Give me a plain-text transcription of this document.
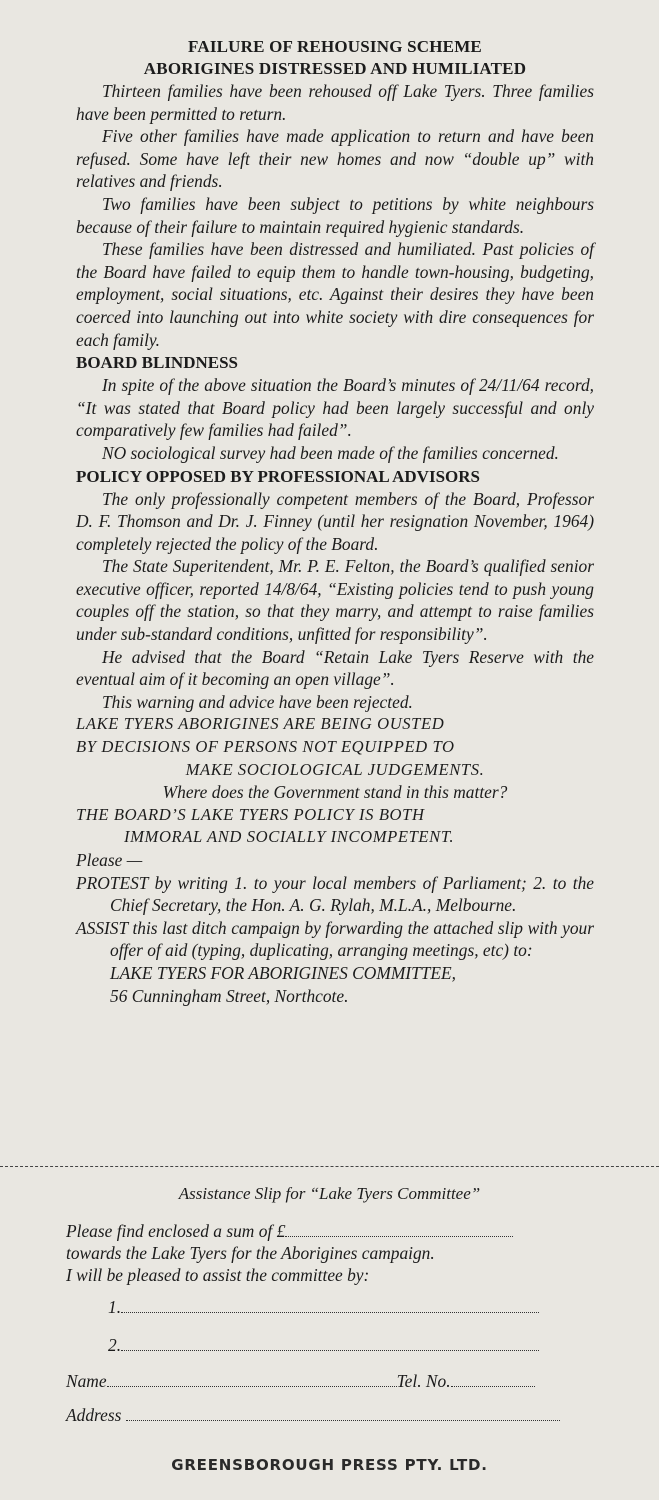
FAILURE OF REHOUSING SCHEME
ABORIGINES DISTRESSED AND HUMILIATED

Thirteen families have been rehoused off Lake Tyers. Three families have been permitted to return.

Five other families have made application to return and have been refused. Some have left their new homes and now “double up” with relatives and friends.

Two families have been subject to petitions by white neighbours because of their failure to maintain required hygienic standards.

These families have been distressed and humiliated. Past policies of the Board have failed to equip them to handle town-housing, budgeting, employment, social situations, etc. Against their desires they have been coerced into launching out into white society with dire consequences for each family.

BOARD BLINDNESS

In spite of the above situation the Board’s minutes of 24/11/64 record, “It was stated that Board policy had been largely successful and only comparatively few families had failed”.

NO sociological survey had been made of the families concerned.

POLICY OPPOSED BY PROFESSIONAL ADVISORS

The only professionally competent members of the Board, Professor D. F. Thomson and Dr. J. Finney (until her resignation November, 1964) completely rejected the policy of the Board.

The State Superitendent, Mr. P. E. Felton, the Board’s qualified senior executive officer, reported 14/8/64, “Existing policies tend to push young couples off the station, so that they marry, and attempt to raise families under sub-standard conditions, unfitted for responsibility”.

He advised that the Board “Retain Lake Tyers Reserve with the eventual aim of it becoming an open village”.

This warning and advice have been rejected.

LAKE TYERS ABORIGINES ARE BEING OUSTED

BY DECISIONS OF PERSONS NOT EQUIPPED TO

MAKE SOCIOLOGICAL JUDGEMENTS.

Where does the Government stand in this matter?

THE BOARD’S LAKE TYERS POLICY IS BOTH

IMMORAL AND SOCIALLY INCOMPETENT.

Please —

PROTEST by writing 1. to your local members of Parliament; 2. to the Chief Secretary, the Hon. A. G. Rylah, M.L.A., Melbourne.

ASSIST this last ditch campaign by forwarding the attached slip with your offer of aid (typing, duplicating, arranging meetings, etc) to:

LAKE TYERS FOR ABORIGINES COMMITTEE,

56 Cunningham Street, Northcote.

Assistance Slip for “Lake Tyers Committee”

Please find enclosed a sum of £

towards the Lake Tyers for the Aborigines campaign.

I will be pleased to assist the committee by:

1.
2.
Name	Tel. No.
Address
GREENSBOROUGH PRESS PTY. LTD.
